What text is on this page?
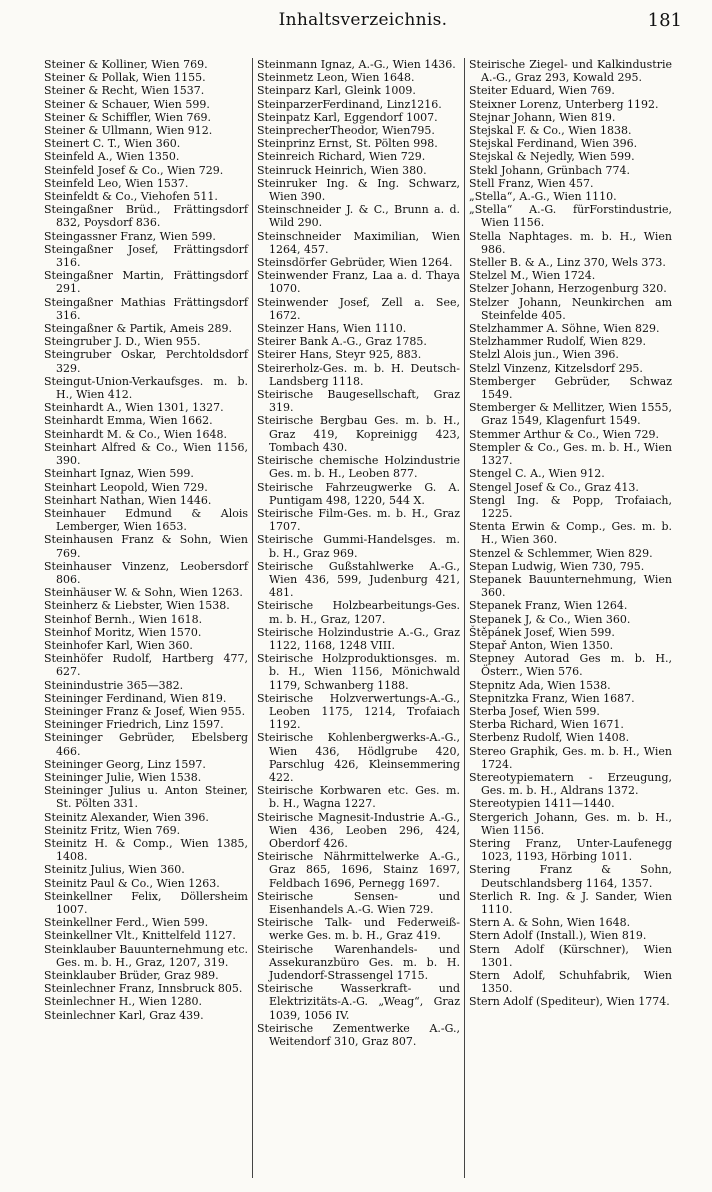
Inhaltsverzeichnis.	181
Steiner & Kolliner, Wien 769.
Steiner & Pollak, Wien 1155.
Steiner & Recht, Wien 1537.
Steiner & Schauer, Wien 599.
Steiner & Schiffler, Wien 769.
Steiner & Ullmann, Wien 912.
Steinert C. T., Wien 360.
Steinfeld A., Wien 1350.
Steinfeld Josef & Co., Wien 729.
Steinfeld Leo, Wien 1537.
Steinfeldt & Co., Viehofen 511.
Steingaßner Brüd., Frättingsdorf 832, Poysdorf 836.
Steingassner Franz, Wien 599.
Steingaßner Josef, Frättingsdorf 316.
Steingaßner Martin, Frättingsdorf 291.
Steingaßner Mathias Frättingsdorf 316.
Steingaßner & Partik, Ameis 289.
Steingruber J. D., Wien 955.
Steingruber Oskar, Perchtoldsdorf 329.
Steingut-Union-Verkaufsges. m. b. H., Wien 412.
Steinhardt A., Wien 1301, 1327.
Steinhardt Emma, Wien 1662.
Steinhardt M. & Co., Wien 1648.
Steinhart Alfred & Co., Wien 1156, 390.
Steinhart Ignaz, Wien 599.
Steinhart Leopold, Wien 729.
Steinhart Nathan, Wien 1446.
Steinhauer Edmund & Alois Lemberger, Wien 1653.
Steinhausen Franz & Sohn, Wien 769.
Steinhauser Vinzenz, Leobersdorf 806.
Steinhäuser W. & Sohn, Wien 1263.
Steinherz & Liebster, Wien 1538.
Steinhof Bernh., Wien 1618.
Steinhof Moritz, Wien 1570.
Steinhofer Karl, Wien 360.
Steinhöfer Rudolf, Hartberg 477, 627.
Steinindustrie 365—382.
Steininger Ferdinand, Wien 819.
Steininger Franz & Josef, Wien 955.
Steininger Friedrich, Linz 1597.
Steininger Gebrüder, Ebelsberg 466.
Steininger Georg, Linz 1597.
Steininger Julie, Wien 1538.
Steininger Julius u. Anton Steiner, St. Pölten 331.
Steinitz Alexander, Wien 396.
Steinitz Fritz, Wien 769.
Steinitz H. & Comp., Wien 1385, 1408.
Steinitz Julius, Wien 360.
Steinitz Paul & Co., Wien 1263.
Steinkellner Felix, Döllersheim 1007.
Steinkellner Ferd., Wien 599.
Steinkellner Vlt., Knittelfeld 1127.
Steinklauber Bauunternehmung etc. Ges. m. b. H., Graz, 1207, 319.
Steinklauber Brüder, Graz 989.
Steinlechner Franz, Innsbruck 805.
Steinlechner H., Wien 1280.
Steinlechner Karl, Graz 439.
Steinmann Ignaz, A.-G., Wien 1436.
Steinmetz Leon, Wien 1648.
Steinparz Karl, Gleink 1009.
SteinparzerFerdinand, Linz1216.
Steinpatz Karl, Eggendorf 1007.
SteinprecherTheodor, Wien795.
Steinprinz Ernst, St. Pölten 998.
Steinreich Richard, Wien 729.
Steinruck Heinrich, Wien 380.
Steinruker Ing. & Ing. Schwarz, Wien 390.
Steinschneider J. & C., Brunn a. d. Wild 290.
Steinschneider Maximilian, Wien 1264, 457.
Steinsdörfer Gebrüder, Wien 1264.
Steinwender Franz, Laa a. d. Thaya 1070.
Steinwender Josef, Zell a. See, 1672.
Steinzer Hans, Wien 1110.
Steirer Bank A.-G., Graz 1785.
Steirer Hans, Steyr 925, 883.
Steirerholz-Ges. m. b. H. Deutsch-Landsberg 1118.
Steirische Baugesellschaft, Graz 319.
Steirische Bergbau Ges. m. b. H., Graz 419, Kopreinigg 423, Tombach 430.
Steirische chemische Holzindustrie Ges. m. b. H., Leoben 877.
Steirische Fahrzeugwerke G. A. Puntigam 498, 1220, 544 X.
Steirische Film-Ges. m. b. H., Graz 1707.
Steirische Gummi-Handelsges. m. b. H., Graz 969.
Steirische Gußstahlwerke A.-G., Wien 436, 599, Judenburg 421, 481.
Steirische Holzbearbeitungs-Ges. m. b. H., Graz, 1207.
Steirische Holzindustrie A.-G., Graz 1122, 1168, 1248 VIII.
Steirische Holzproduktionsges. m. b. H., Wien 1156, Mönichwald 1179, Schwanberg 1188.
Steirische Holzverwertungs-A.-G., Leoben 1175, 1214, Trofaiach 1192.
Steirische Kohlenbergwerks-A.-G., Wien 436, Hödlgrube 420, Parschlug 426, Kleinsemmering 422.
Steirische Korbwaren etc. Ges. m. b. H., Wagna 1227.
Steirische Magnesit-Industrie A.-G., Wien 436, Leoben 296, 424, Oberdorf 426.
Steirische Nährmittelwerke A.-G., Graz 865, 1696, Stainz 1697, Feldbach 1696, Pernegg 1697.
Steirische Sensen- und Eisenhandels A.-G. Wien 729.
Steirische Talk- und Federweiß-werke Ges. m. b. H., Graz 419.
Steirische Warenhandels- und Assekuranzbüro Ges. m. b. H. Judendorf-Strassengel 1715.
Steirische Wasserkraft- und Elektrizitäts-A.-G. „Weag“, Graz 1039, 1056 IV.
Steirische Zementwerke A.-G., Weitendorf 310, Graz 807.
Steirische Ziegel- und Kalkindustrie A.-G., Graz 293, Kowald 295.
Steiter Eduard, Wien 769.
Steixner Lorenz, Unterberg 1192.
Stejnar Johann, Wien 819.
Stejskal F. & Co., Wien 1838.
Stejskal Ferdinand, Wien 396.
Stejskal & Nejedly, Wien 599.
Stekl Johann, Grünbach 774.
Stell Franz, Wien 457.
„Stella“, A.-G., Wien 1110.
„Stella“ A.-G. fürForstindustrie, Wien 1156.
Stella Naphtages. m. b. H., Wien 986.
Steller B. & A., Linz 370, Wels 373.
Stelzel M., Wien 1724.
Stelzer Johann, Herzogenburg 320.
Stelzer Johann, Neunkirchen am Steinfelde 405.
Stelzhammer A. Söhne, Wien 829.
Stelzhammer Rudolf, Wien 829.
Stelzl Alois jun., Wien 396.
Stelzl Vinzenz, Kitzelsdorf 295.
Stemberger Gebrüder, Schwaz 1549.
Stemberger & Mellitzer, Wien 1555, Graz 1549, Klagenfurt 1549.
Stemmer Arthur & Co., Wien 729.
Stempler & Co., Ges. m. b. H., Wien 1327.
Stengel C. A., Wien 912.
Stengel Josef & Co., Graz 413.
Stengl Ing. & Popp, Trofaiach, 1225.
Stenta Erwin & Comp., Ges. m. b. H., Wien 360.
Stenzel & Schlemmer, Wien 829.
Stepan Ludwig, Wien 730, 795.
Stepanek Bauunternehmung, Wien 360.
Stepanek Franz, Wien 1264.
Stepanek J, & Co., Wien 360.
Štěpánek Josef, Wien 599.
Stepař Anton, Wien 1350.
Stepney Autorad Ges m. b. H., Österr., Wien 576.
Stepnitz Ada, Wien 1538.
Stepnitzka Franz, Wien 1687.
Sterba Josef, Wien 599.
Sterba Richard, Wien 1671.
Sterbenz Rudolf, Wien 1408.
Stereo Graphik, Ges. m. b. H., Wien 1724.
Stereotypiematern - Erzeugung, Ges. m. b. H., Aldrans 1372.
Stereotypien 1411—1440.
Stergerich Johann, Ges. m. b. H., Wien 1156.
Stering Franz, Unter-Laufenegg 1023, 1193, Hörbing 1011.
Stering Franz & Sohn, Deutschlandsberg 1164, 1357.
Sterlich R. Ing. & J. Sander, Wien 1110.
Stern A. & Sohn, Wien 1648.
Stern Adolf (Install.), Wien 819.
Stern Adolf (Kürschner), Wien 1301.
Stern Adolf, Schuhfabrik, Wien 1350.
Stern Adolf (Spediteur), Wien 1774.
